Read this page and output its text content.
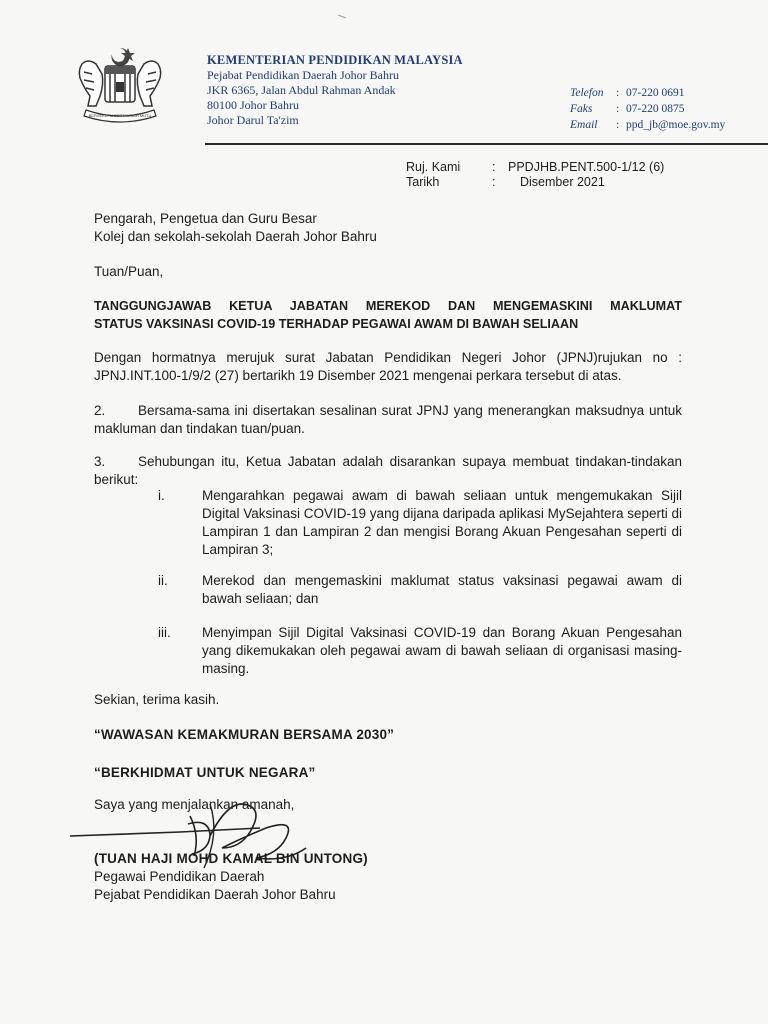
BERSEKUTU BERTAMBAH MUTU
KEMENTERIAN PENDIDIKAN MALAYSIA
Pejabat Pendidikan Daerah Johor Bahru
JKR 6365, Jalan Abdul Rahman Andak
80100 Johor Bahru
Johor Darul Ta'zim
Telefon : 07-220 0691
Faks : 07-220 0875
Email : ppd_jb@moe.gov.my
Ruj. Kami	:	PPDJHB.PENT.500-1/12 (6)
Tarikh	:	Disember 2021
Pengarah, Pengetua dan Guru Besar
Kolej dan sekolah-sekolah Daerah Johor Bahru
Tuan/Puan,
TANGGUNGJAWAB KETUA JABATAN MEREKOD DAN MENGEMASKINI MAKLUMAT
STATUS VAKSINASI COVID-19 TERHADAP PEGAWAI AWAM DI BAWAH SELIAAN
Dengan hormatnya merujuk surat Jabatan Pendidikan Negeri Johor (JPNJ)rujukan no : JPNJ.INT.100-1/9/2 (27) bertarikh 19 Disember 2021 mengenai perkara tersebut di atas.
2. Bersama-sama ini disertakan sesalinan surat JPNJ yang menerangkan maksudnya untuk makluman dan tindakan tuan/puan.
3. Sehubungan itu, Ketua Jabatan adalah disarankan supaya membuat tindakan-tindakan berikut:
i.	Mengarahkan pegawai awam di bawah seliaan untuk mengemukakan Sijil Digital Vaksinasi COVID-19 yang dijana daripada aplikasi MySejahtera seperti di Lampiran 1 dan Lampiran 2 dan mengisi Borang Akuan Pengesahan seperti di Lampiran 3;
ii.	Merekod dan mengemaskini maklumat status vaksinasi pegawai awam di bawah seliaan; dan
iii.	Menyimpan Sijil Digital Vaksinasi COVID-19 dan Borang Akuan Pengesahan yang dikemukakan oleh pegawai awam di bawah seliaan di organisasi masing-masing.
Sekian, terima kasih.
“WAWASAN KEMAKMURAN BERSAMA 2030”
“BERKHIDMAT UNTUK NEGARA”
Saya yang menjalankan amanah,
(TUAN HAJI MOHD KAMAL BIN UNTONG)
Pegawai Pendidikan Daerah
Pejabat Pendidikan Daerah Johor Bahru
